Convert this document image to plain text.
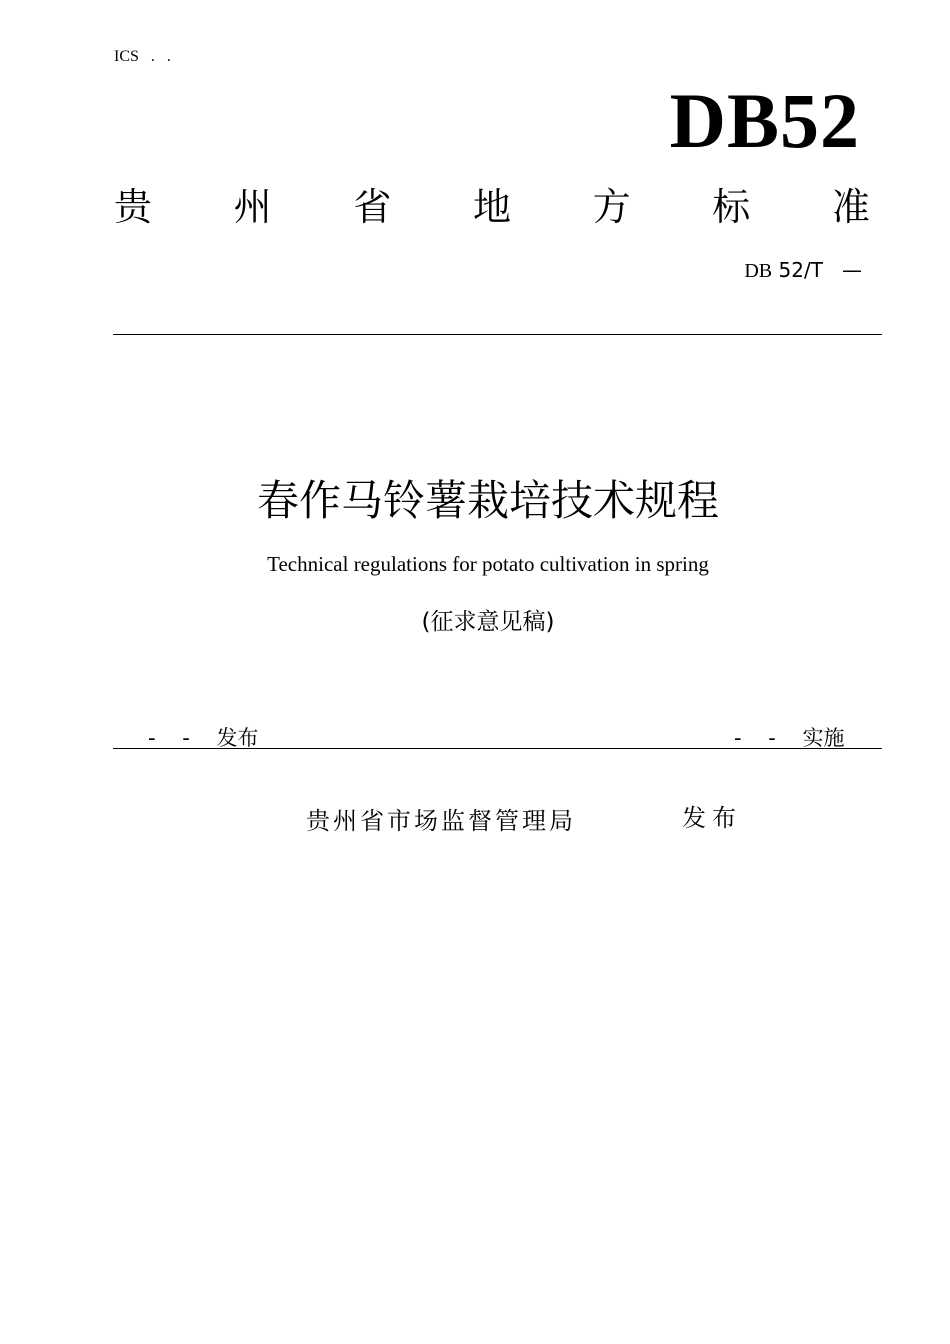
ICS   .   .
DB52
贵 州 省 地 方 标 准
DB 52/T   —
春作马铃薯栽培技术规程
Technical regulations for potato cultivation in spring
(征求意见稿)
-    -    发布	-    -    实施
贵州省市场监督管理局	发布
